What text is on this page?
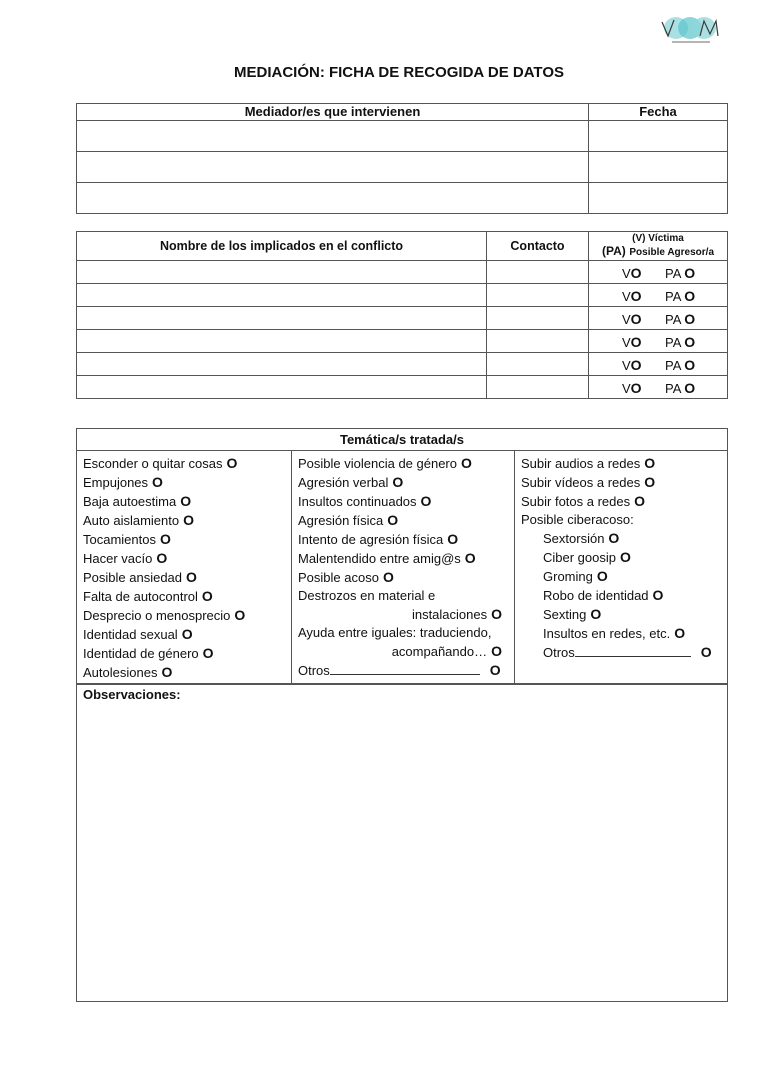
MEDIACIÓN: FICHA DE RECOGIDA DE DATOS
Mediador/es que intervienen	Fecha

Nombre de los implicados en el conflicto	Contacto	(V) Víctima
(PA) Posible Agresor/a

		VO PA O

		VO PA O

		VO PA O

		VO PA O

		VO PA O

		VO PA O
Temática/s tratada/s

Esconder o quitar cosas O
Empujones O
Baja autoestima O
Auto aislamiento O
Tocamientos O
Hacer vacío O
Posible ansiedad O
Falta de autocontrol O
Desprecio o menosprecio O
Identidad sexual O
Identidad de género O
Autolesiones O

Posible violencia de género O
Agresión verbal O
Insultos continuados O
Agresión física O
Intento de agresión física O
Malentendido entre amig@s O
Posible acoso O
Destrozos en material e
instalaciones O
Ayuda entre iguales: traduciendo,
acompañando… O
Otros	O

Subir audios a redes O
Subir vídeos a redes O
Subir fotos a redes O
Posible ciberacoso:
Sextorsión O
Ciber goosip O
Groming O
Robo de identidad O
Sexting O
Insultos en redes, etc. O
Otros	O
Observaciones:
